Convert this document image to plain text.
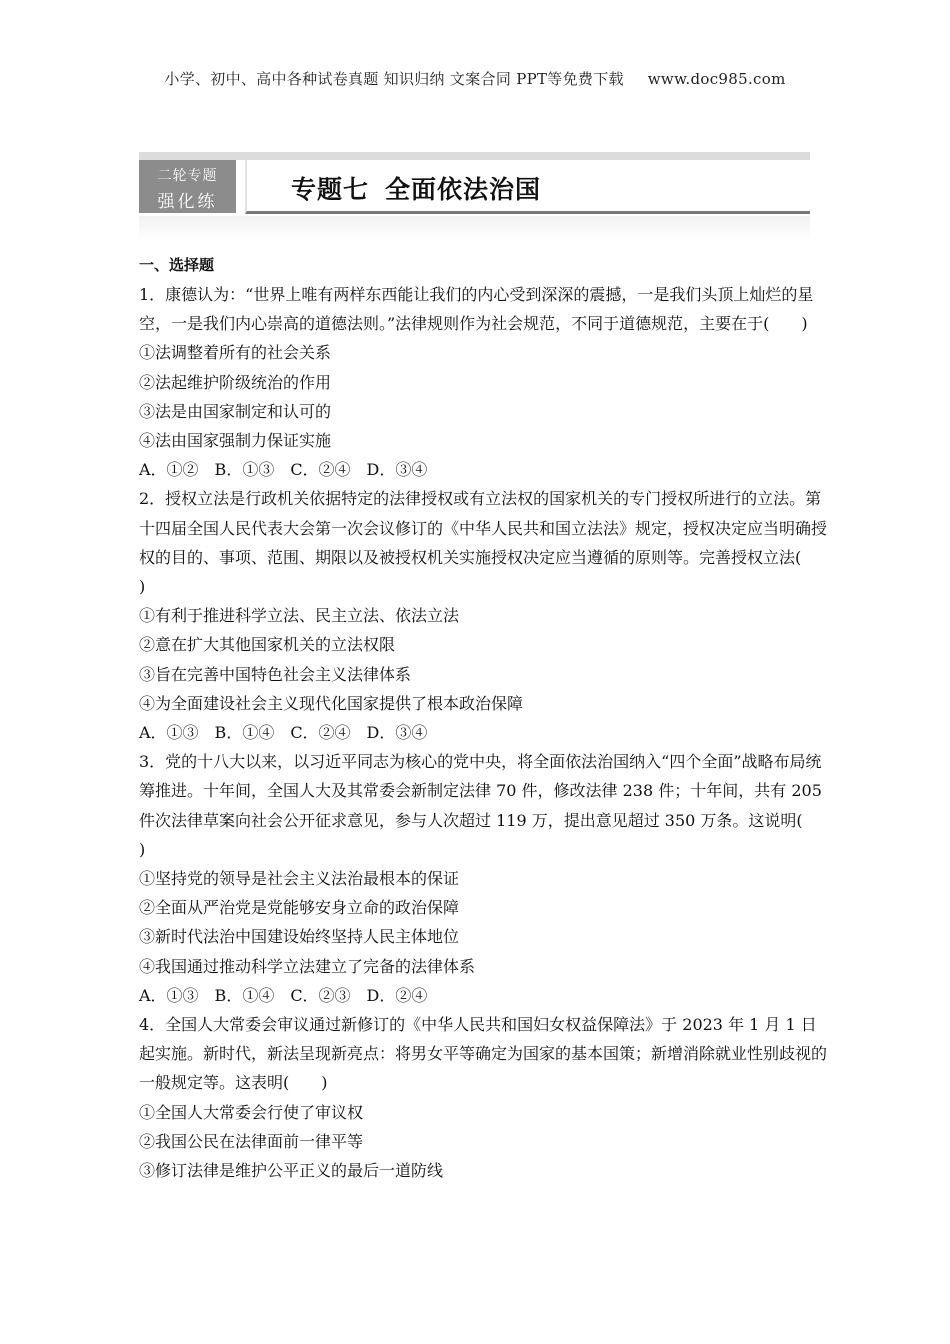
小学、初中、高中各种试卷真题 知识归纳 文案合同 PPT等免费下载 www.doc985.com
二轮专题
强化练	专题七 全面依法治国
一、选择题
1．康德认为：“世界上唯有两样东西能让我们的内心受到深深的震撼，一是我们头顶上灿烂的星空，一是我们内心崇高的道德法则。”法律规则作为社会规范，不同于道德规范，主要在于(　　)
①法调整着所有的社会关系
②法起维护阶级统治的作用
③法是由国家制定和认可的
④法由国家强制力保证实施
A．①②　B．①③　C．②④　D．③④
2．授权立法是行政机关依据特定的法律授权或有立法权的国家机关的专门授权所进行的立法。第十四届全国人民代表大会第一次会议修订的《中华人民共和国立法法》规定，授权决定应当明确授权的目的、事项、范围、期限以及被授权机关实施授权决定应当遵循的原则等。完善授权立法(　　)
①有利于推进科学立法、民主立法、依法立法
②意在扩大其他国家机关的立法权限
③旨在完善中国特色社会主义法律体系
④为全面建设社会主义现代化国家提供了根本政治保障
A．①③　B．①④　C．②④　D．③④
3．党的十八大以来，以习近平同志为核心的党中央，将全面依法治国纳入“四个全面”战略布局统筹推进。十年间，全国人大及其常委会新制定法律 70 件，修改法律 238 件；十年间，共有 205 件次法律草案向社会公开征求意见，参与人次超过 119 万，提出意见超过 350 万条。这说明(　　)
①坚持党的领导是社会主义法治最根本的保证
②全面从严治党是党能够安身立命的政治保障
③新时代法治中国建设始终坚持人民主体地位
④我国通过推动科学立法建立了完备的法律体系
A．①③　B．①④　C．②③　D．②④
4．全国人大常委会审议通过新修订的《中华人民共和国妇女权益保障法》于 2023 年 1 月 1 日起实施。新时代，新法呈现新亮点：将男女平等确定为国家的基本国策；新增消除就业性别歧视的一般规定等。这表明(　　)
①全国人大常委会行使了审议权
②我国公民在法律面前一律平等
③修订法律是维护公平正义的最后一道防线
